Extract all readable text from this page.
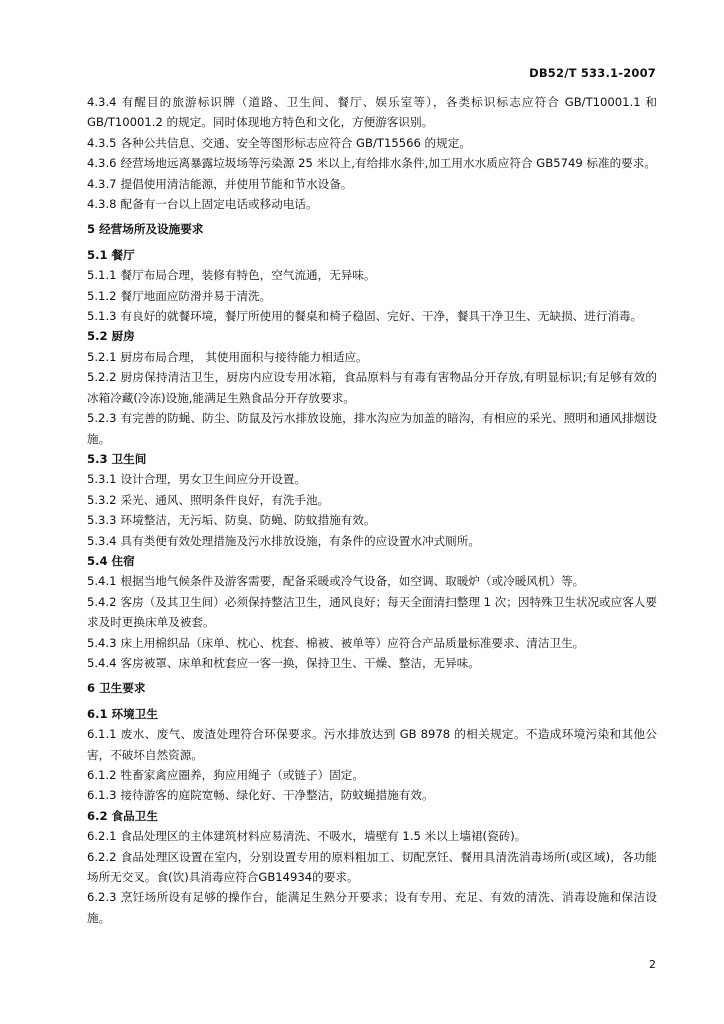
DB52/T 533.1-2007

4.3.4 有醒目的旅游标识牌（道路、卫生间、餐厅、娱乐室等），各类标识标志应符合 GB/T10001.1 和 GB/T10001.2 的规定。同时体现地方特色和文化，方便游客识别。

4.3.5 各种公共信息、交通、安全等图形标志应符合 GB/T15566 的规定。

4.3.6 经营场地远离暴露垃圾场等污染源 25 米以上,有给排水条件,加工用水水质应符合 GB5749 标准的要求。

4.3.7 提倡使用清洁能源，并使用节能和节水设备。

4.3.8 配备有一台以上固定电话或移动电话。

5 经营场所及设施要求

5.1 餐厅

5.1.1 餐厅布局合理，装修有特色，空气流通，无异味。

5.1.2 餐厅地面应防滑并易于清洗。

5.1.3 有良好的就餐环境，餐厅所使用的餐桌和椅子稳固、完好、干净，餐具干净卫生、无缺损、进行消毒。

5.2 厨房

5.2.1 厨房布局合理， 其使用面积与接待能力相适应。

5.2.2 厨房保持清洁卫生，厨房内应设专用冰箱，食品原料与有毒有害物品分开存放,有明显标识;有足够有效的冰箱冷藏(冷冻)设施,能满足生熟食品分开存放要求。

5.2.3 有完善的防蝇、防尘、防鼠及污水排放设施，排水沟应为加盖的暗沟，有相应的采光、照明和通风排烟设施。

5.3 卫生间

5.3.1 设计合理，男女卫生间应分开设置。

5.3.2 采光、通风、照明条件良好，有洗手池。

5.3.3 环境整洁，无污垢、防臭、防蝇、防蚊措施有效。

5.3.4 具有类便有效处理措施及污水排放设施，有条件的应设置水冲式厕所。

5.4 住宿

5.4.1 根据当地气候条件及游客需要，配备采暖或冷气设备，如空调、取暖炉（或冷暖风机）等。

5.4.2 客房（及其卫生间）必须保持整洁卫生，通风良好；每天全面清扫整理 1 次；因特殊卫生状况或应客人要求及时更换床单及被套。

5.4.3 床上用棉织品（床单、枕心、枕套、棉被、被单等）应符合产品质量标准要求、清洁卫生。

5.4.4 客房被罩、床单和枕套应一客一换，保持卫生、干燥、整洁，无异味。

6 卫生要求

6.1 环境卫生

6.1.1 废水、废气、废渣处理符合环保要求。污水排放达到 GB 8978 的相关规定。不造成环境污染和其他公害，不破坏自然资源。

6.1.2 牲畜家禽应圈养，狗应用绳子（或链子）固定。

6.1.3 接待游客的庭院宽畅、绿化好、干净整洁，防蚊蝇措施有效。

6.2 食品卫生

6.2.1 食品处理区的主体建筑材料应易清洗、不吸水，墙壁有 1.5 米以上墙裙(瓷砖)。

6.2.2 食品处理区设置在室内，分别设置专用的原料粗加工、切配烹饪、餐用具清洗消毒场所(或区域)，各功能场所无交叉。食(饮)具消毒应符合GB14934的要求。

6.2.3 烹饪场所设有足够的操作台，能满足生熟分开要求；设有专用、充足、有效的清洗、消毒设施和保洁设施。

2
